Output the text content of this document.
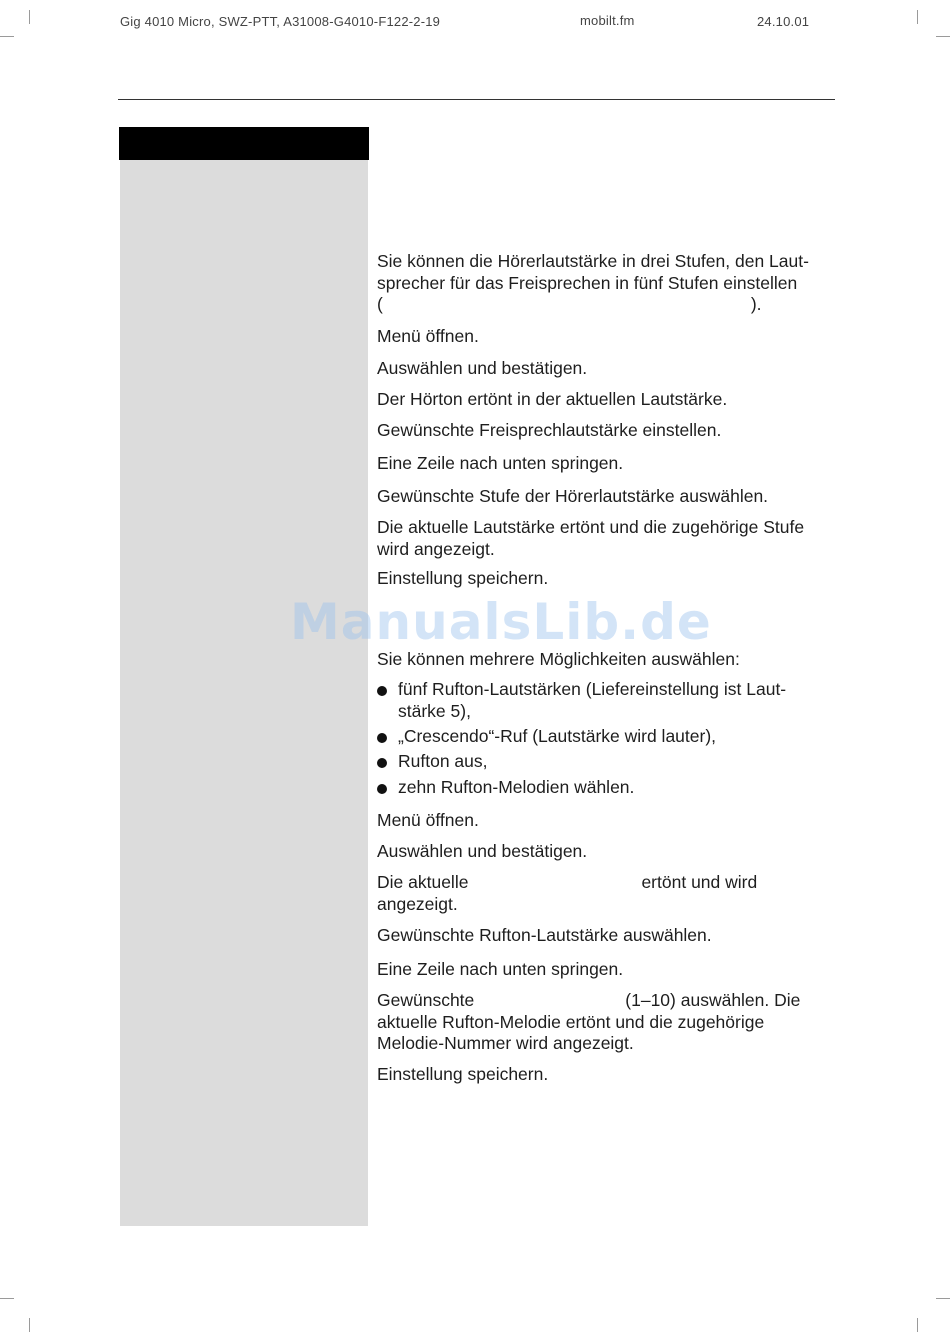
Gig 4010 Micro, SWZ-PTT, A31008-G4010-F122-2-19	mobilt.fm	24.10.01
Sie können die Hörerlautstärke in drei Stufen, den Laut-
sprecher für das Freisprechen in fünf Stufen einstellen
(	).
Menü öffnen.
Auswählen und bestätigen.
Der Hörton ertönt in der aktuellen Lautstärke.
Gewünschte Freisprechlautstärke einstellen.
Eine Zeile nach unten springen.
Gewünschte Stufe der Hörerlautstärke auswählen.
Die aktuelle Lautstärke ertönt und die zugehörige Stufe
wird angezeigt.
Einstellung speichern.
ManualsLib.de
Sie können mehrere Möglichkeiten auswählen:
fünf Rufton-Lautstärken (Liefereinstellung ist Laut-
stärke 5),
„Crescendo“-Ruf (Lautstärke wird lauter),
Rufton aus,
zehn Rufton-Melodien wählen.
Menü öffnen.
Auswählen und bestätigen.
Die aktuelle	ertönt und wird
angezeigt.
Gewünschte Rufton-Lautstärke auswählen.
Eine Zeile nach unten springen.
Gewünschte	(1–10) auswählen. Die
aktuelle Rufton-Melodie ertönt und die zugehörige
Melodie-Nummer wird angezeigt.
Einstellung speichern.
